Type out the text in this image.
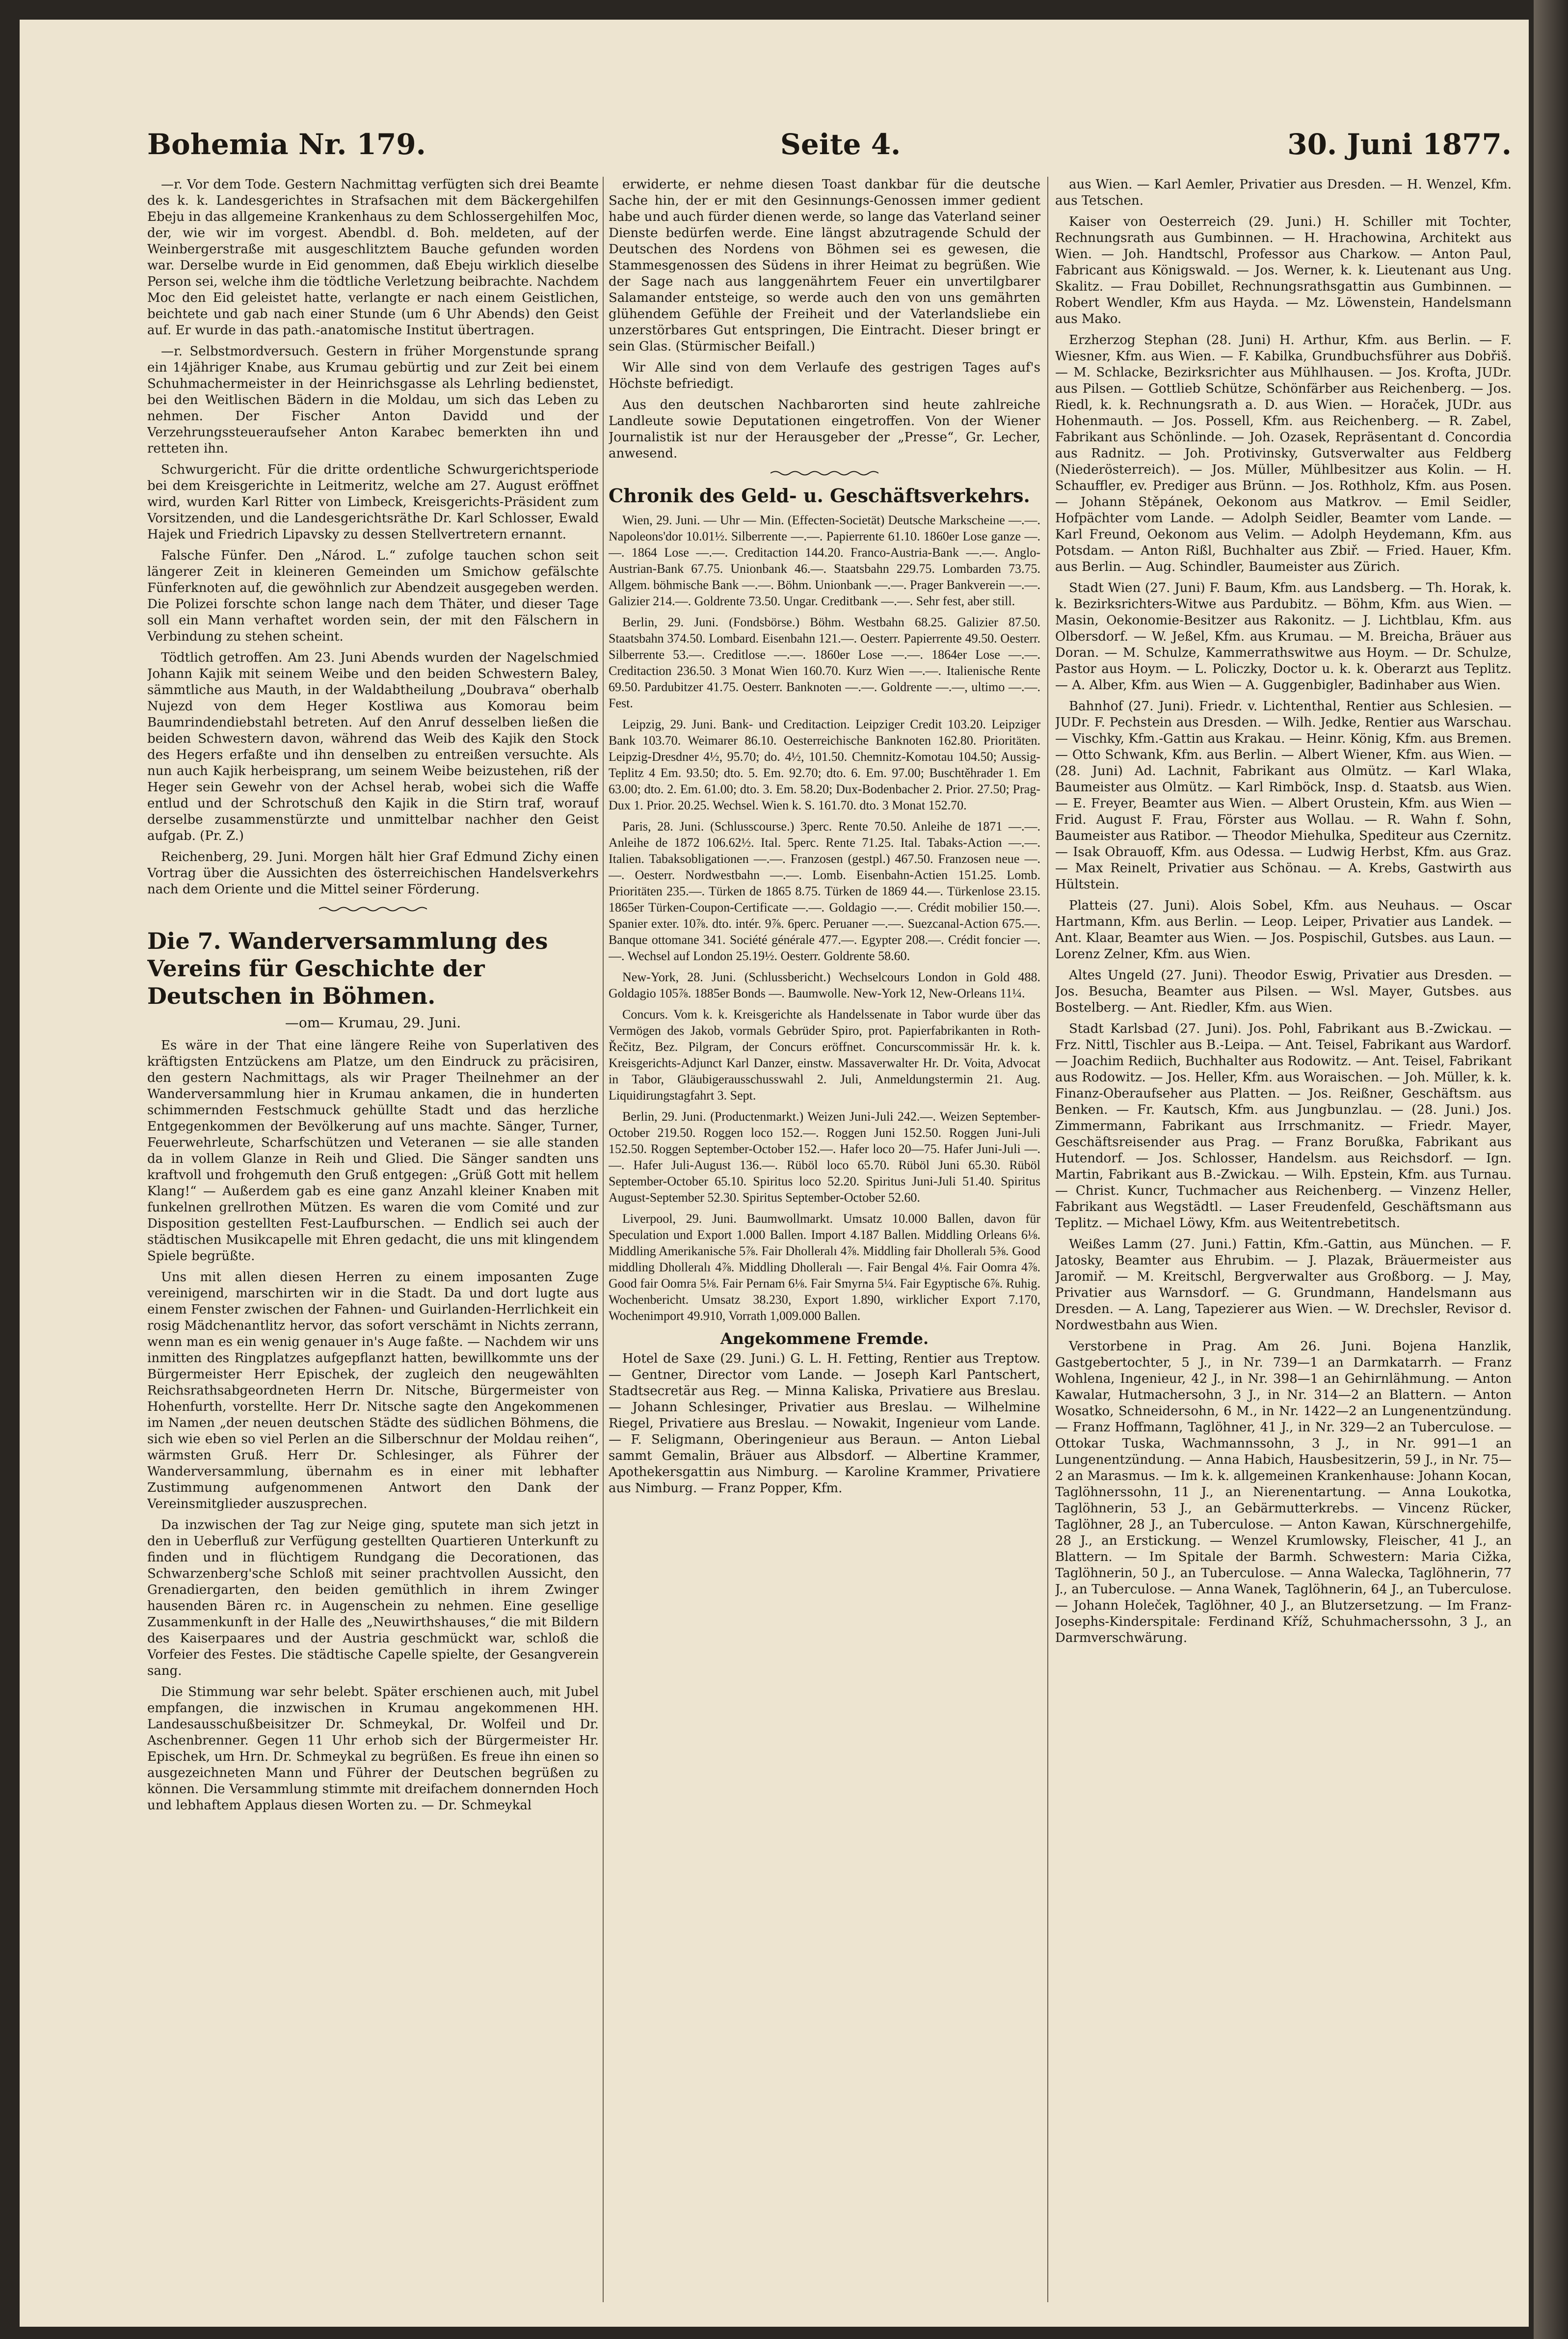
Bohemia Nr. 179.	Seite 4.	30. Juni 1877.

—r. Vor dem Tode. Gestern Nachmittag verfügten sich drei Beamte des k. k. Landesgerichtes in Strafsachen mit dem Bäckergehilfen Ebeju in das allgemeine Krankenhaus zu dem Schlossergehilfen Moc, der, wie wir im vorgest. Abendbl. d. Boh. meldeten, auf der Weinbergerstraße mit ausgeschlitztem Bauche gefunden worden war. Derselbe wurde in Eid genommen, daß Ebeju wirklich dieselbe Person sei, welche ihm die tödtliche Verletzung beibrachte. Nachdem Moc den Eid geleistet hatte, verlangte er nach einem Geistlichen, beichtete und gab nach einer Stunde (um 6 Uhr Abends) den Geist auf. Er wurde in das path.-anatomische Institut übertragen.

—r. Selbstmordversuch. Gestern in früher Morgenstunde sprang ein 14jähriger Knabe, aus Krumau gebürtig und zur Zeit bei einem Schuhmachermeister in der Heinrichsgasse als Lehrling bedienstet, bei den Weitlischen Bädern in die Moldau, um sich das Leben zu nehmen. Der Fischer Anton Davidd und der Verzehrungssteueraufseher Anton Karabec bemerkten ihn und retteten ihn.

Schwurgericht. Für die dritte ordentliche Schwurgerichtsperiode bei dem Kreisgerichte in Leitmeritz, welche am 27. August eröffnet wird, wurden Karl Ritter von Limbeck, Kreisgerichts-Präsident zum Vorsitzenden, und die Landesgerichtsräthe Dr. Karl Schlosser, Ewald Hajek und Friedrich Lipavsky zu dessen Stellvertretern ernannt.

Falsche Fünfer. Den „Národ. L.“ zufolge tauchen schon seit längerer Zeit in kleineren Gemeinden um Smichow gefälschte Fünferknoten auf, die gewöhnlich zur Abendzeit ausgegeben werden. Die Polizei forschte schon lange nach dem Thäter, und dieser Tage soll ein Mann verhaftet worden sein, der mit den Fälschern in Verbindung zu stehen scheint.

Tödtlich getroffen. Am 23. Juni Abends wurden der Nagelschmied Johann Kajik mit seinem Weibe und den beiden Schwestern Baley, sämmtliche aus Mauth, in der Waldabtheilung „Doubrava“ oberhalb Nujezd von dem Heger Kostliwa aus Komorau beim Baumrindendiebstahl betreten. Auf den Anruf desselben ließen die beiden Schwestern davon, während das Weib des Kajik den Stock des Hegers erfaßte und ihn denselben zu entreißen versuchte. Als nun auch Kajik herbeisprang, um seinem Weibe beizustehen, riß der Heger sein Gewehr von der Achsel herab, wobei sich die Waffe entlud und der Schrotschuß den Kajik in die Stirn traf, worauf derselbe zusammenstürzte und unmittelbar nachher den Geist aufgab. (Pr. Z.)

Reichenberg, 29. Juni. Morgen hält hier Graf Edmund Zichy einen Vortrag über die Aussichten des österreichischen Handelsverkehrs nach dem Oriente und die Mittel seiner Förderung.

Die 7. Wanderversammlung des Vereins für Geschichte der Deutschen in Böhmen.

—om— Krumau, 29. Juni.

Es wäre in der That eine längere Reihe von Superlativen des kräftigsten Entzückens am Platze, um den Eindruck zu präcisiren, den gestern Nachmittags, als wir Prager Theilnehmer an der Wanderversammlung hier in Krumau ankamen, die in hunderten schimmernden Festschmuck gehüllte Stadt und das herzliche Entgegenkommen der Bevölkerung auf uns machte. Sänger, Turner, Feuerwehrleute, Scharfschützen und Veteranen — sie alle standen da in vollem Glanze in Reih und Glied. Die Sänger sandten uns kraftvoll und frohgemuth den Gruß entgegen: „Grüß Gott mit hellem Klang!“ — Außerdem gab es eine ganz Anzahl kleiner Knaben mit funkelnen grellrothen Mützen. Es waren die vom Comité und zur Disposition gestellten Fest-Laufburschen. — Endlich sei auch der städtischen Musikcapelle mit Ehren gedacht, die uns mit klingendem Spiele begrüßte.

Uns mit allen diesen Herren zu einem imposanten Zuge vereinigend, marschirten wir in die Stadt. Da und dort lugte aus einem Fenster zwischen der Fahnen- und Guirlanden-Herrlichkeit ein rosig Mädchenantlitz hervor, das sofort verschämt in Nichts zerrann, wenn man es ein wenig genauer in's Auge faßte. — Nachdem wir uns inmitten des Ringplatzes aufgepflanzt hatten, bewillkommte uns der Bürgermeister Herr Epischek, der zugleich den neugewählten Reichsrathsabgeordneten Herrn Dr. Nitsche, Bürgermeister von Hohenfurth, vorstellte. Herr Dr. Nitsche sagte den Angekommenen im Namen „der neuen deutschen Städte des südlichen Böhmens, die sich wie eben so viel Perlen an die Silberschnur der Moldau reihen“, wärmsten Gruß. Herr Dr. Schlesinger, als Führer der Wanderversammlung, übernahm es in einer mit lebhafter Zustimmung aufgenommenen Antwort den Dank der Vereinsmitglieder auszusprechen.

Da inzwischen der Tag zur Neige ging, sputete man sich jetzt in den in Ueberfluß zur Verfügung gestellten Quartieren Unterkunft zu finden und in flüchtigem Rundgang die Decorationen, das Schwarzenberg'sche Schloß mit seiner prachtvollen Aussicht, den Grenadiergarten, den beiden gemüthlich in ihrem Zwinger hausenden Bären rc. in Augenschein zu nehmen. Eine gesellige Zusammenkunft in der Halle des „Neuwirthshauses,“ die mit Bildern des Kaiserpaares und der Austria geschmückt war, schloß die Vorfeier des Festes. Die städtische Capelle spielte, der Gesangverein sang.

Die Stimmung war sehr belebt. Später erschienen auch, mit Jubel empfangen, die inzwischen in Krumau angekommenen HH. Landesausschußbeisitzer Dr. Schmeykal, Dr. Wolfeil und Dr. Aschenbrenner. Gegen 11 Uhr erhob sich der Bürgermeister Hr. Epischek, um Hrn. Dr. Schmeykal zu begrüßen. Es freue ihn einen so ausgezeichneten Mann und Führer der Deutschen begrüßen zu können. Die Versammlung stimmte mit dreifachem donnernden Hoch und lebhaftem Applaus diesen Worten zu. — Dr. Schmeykal

erwiderte, er nehme diesen Toast dankbar für die deutsche Sache hin, der er mit den Gesinnungs-Genossen immer gedient habe und auch fürder dienen werde, so lange das Vaterland seiner Dienste bedürfen werde. Eine längst abzutragende Schuld der Deutschen des Nordens von Böhmen sei es gewesen, die Stammesgenossen des Südens in ihrer Heimat zu begrüßen. Wie der Sage nach aus langgenährtem Feuer ein unvertilgbarer Salamander entsteige, so werde auch den von uns gemährten glühendem Gefühle der Freiheit und der Vaterlandsliebe ein unzerstörbares Gut entspringen, Die Eintracht. Dieser bringt er sein Glas. (Stürmischer Beifall.)

Wir Alle sind von dem Verlaufe des gestrigen Tages auf's Höchste befriedigt.

Aus den deutschen Nachbarorten sind heute zahlreiche Landleute sowie Deputationen eingetroffen. Von der Wiener Journalistik ist nur der Herausgeber der „Presse“, Gr. Lecher, anwesend.

Chronik des Geld- u. Geschäftsverkehrs.

Wien, 29. Juni. — Uhr — Min. (Effecten-Societät) Deutsche Markscheine —.—. Napoleons'dor 10.01½. Silberrente —.—. Papierrente 61.10. 1860er Lose ganze —.—. 1864 Lose —.—. Creditaction 144.20. Franco-Austria-Bank —.—. Anglo-Austrian-Bank 67.75. Unionbank 46.—. Staatsbahn 229.75. Lombarden 73.75. Allgem. böhmische Bank —.—. Böhm. Unionbank —.—. Prager Bankverein —.—. Galizier 214.—. Goldrente 73.50. Ungar. Creditbank —.—. Sehr fest, aber still.

Berlin, 29. Juni. (Fondsbörse.) Böhm. Westbahn 68.25. Galizier 87.50. Staatsbahn 374.50. Lombard. Eisenbahn 121.—. Oesterr. Papierrente 49.50. Oesterr. Silberrente 53.—. Creditlose —.—. 1860er Lose —.—. 1864er Lose —.—. Creditaction 236.50. 3 Monat Wien 160.70. Kurz Wien —.—. Italienische Rente 69.50. Pardubitzer 41.75. Oesterr. Banknoten —.—. Goldrente —.—, ultimo —.—. Fest.

Leipzig, 29. Juni. Bank- und Creditaction. Leipziger Credit 103.20. Leipziger Bank 103.70. Weimarer 86.10. Oesterreichische Banknoten 162.80. Prioritäten. Leipzig-Dresdner 4½, 95.70; do. 4½, 101.50. Chemnitz-Komotau 104.50; Aussig-Teplitz 4 Em. 93.50; dto. 5. Em. 92.70; dto. 6. Em. 97.00; Buschtěhrader 1. Em 63.00; dto. 2. Em. 61.00; dto. 3. Em. 58.20; Dux-Bodenbacher 2. Prior. 27.50; Prag-Dux 1. Prior. 20.25. Wechsel. Wien k. S. 161.70. dto. 3 Monat 152.70.

Paris, 28. Juni. (Schlusscourse.) 3perc. Rente 70.50. Anleihe de 1871 —.—. Anleihe de 1872 106.62½. Ital. 5perc. Rente 71.25. Ital. Tabaks-Action —.—. Italien. Tabaksobligationen —.—. Franzosen (gestpl.) 467.50. Franzosen neue —.—. Oesterr. Nordwestbahn —.—. Lomb. Eisenbahn-Actien 151.25. Lomb. Prioritäten 235.—. Türken de 1865 8.75. Türken de 1869 44.—. Türkenlose 23.15. 1865er Türken-Coupon-Certificate —.—. Goldagio —.—. Crédit mobilier 150.—. Spanier exter. 10⅞. dto. intér. 9⅞. 6perc. Peruaner —.—. Suezcanal-Action 675.—. Banque ottomane 341. Société générale 477.—. Egypter 208.—. Crédit foncier —.—. Wechsel auf London 25.19½. Oesterr. Goldrente 58.60.

New-York, 28. Juni. (Schlussbericht.) Wechselcours London in Gold 488. Goldagio 105⅞. 1885er Bonds —. Baumwolle. New-York 12, New-Orleans 11¼.

Concurs. Vom k. k. Kreisgerichte als Handelssenate in Tabor wurde über das Vermögen des Jakob, vormals Gebrüder Spiro, prot. Papierfabrikanten in Roth-Řečitz, Bez. Pilgram, der Concurs eröffnet. Concurscommissär Hr. k. k. Kreisgerichts-Adjunct Karl Danzer, einstw. Massaverwalter Hr. Dr. Voita, Advocat in Tabor, Gläubigerausschusswahl 2. Juli, Anmeldungstermin 21. Aug. Liquidirungstagfahrt 3. Sept.

Berlin, 29. Juni. (Productenmarkt.) Weizen Juni-Juli 242.—. Weizen September-October 219.50. Roggen loco 152.—. Roggen Juni 152.50. Roggen Juni-Juli 152.50. Roggen September-October 152.—. Hafer loco 20—75. Hafer Juni-Juli —.—. Hafer Juli-August 136.—. Rüböl loco 65.70. Rüböl Juni 65.30. Rüböl September-October 65.10. Spiritus loco 52.20. Spiritus Juni-Juli 51.40. Spiritus August-September 52.30. Spiritus September-October 52.60.

Liverpool, 29. Juni. Baumwollmarkt. Umsatz 10.000 Ballen, davon für Speculation und Export 1.000 Ballen. Import 4.187 Ballen. Middling Orleans 6⅛. Middling Amerikanische 5⅞. Fair Dholleralı 4⅞. Middling fair Dholleralı 5⅜. Good middling Dholleralı 4⅞. Middling Dholleralı —. Fair Bengal 4⅛. Fair Oomra 4⅞. Good fair Oomra 5⅛. Fair Pernam 6⅛. Fair Smyrna 5¼. Fair Egyptische 6⅞. Ruhig. Wochenbericht. Umsatz 38.230, Export 1.890, wirklicher Export 7.170, Wochenimport 49.910, Vorrath 1,009.000 Ballen.

Angekommene Fremde.

Hotel de Saxe (29. Juni.) G. L. H. Fetting, Rentier aus Treptow. — Gentner, Director vom Lande. — Joseph Karl Pantschert, Stadtsecretär aus Reg. — Minna Kaliska, Privatiere aus Breslau. — Johann Schlesinger, Privatier aus Breslau. — Wilhelmine Riegel, Privatiere aus Breslau. — Nowakit, Ingenieur vom Lande. — F. Seligmann, Oberingenieur aus Beraun. — Anton Liebal sammt Gemalin, Bräuer aus Albsdorf. — Albertine Krammer, Apothekersgattin aus Nimburg. — Karoline Krammer, Privatiere aus Nimburg. — Franz Popper, Kfm.

aus Wien. — Karl Aemler, Privatier aus Dresden. — H. Wenzel, Kfm. aus Tetschen.

Kaiser von Oesterreich (29. Juni.) H. Schiller mit Tochter, Rechnungsrath aus Gumbinnen. — H. Hrachowina, Architekt aus Wien. — Joh. Handtschl, Professor aus Charkow. — Anton Paul, Fabricant aus Königswald. — Jos. Werner, k. k. Lieutenant aus Ung. Skalitz. — Frau Dobillet, Rechnungsrathsgattin aus Gumbinnen. — Robert Wendler, Kfm aus Hayda. — Mz. Löwenstein, Handelsmann aus Mako.

Erzherzog Stephan (28. Juni) H. Arthur, Kfm. aus Berlin. — F. Wiesner, Kfm. aus Wien. — F. Kabilka, Grundbuchsführer aus Dobřiš. — M. Schlacke, Bezirksrichter aus Mühlhausen. — Jos. Krofta, JUDr. aus Pilsen. — Gottlieb Schütze, Schönfärber aus Reichenberg. — Jos. Riedl, k. k. Rechnungsrath a. D. aus Wien. — Horaček, JUDr. aus Hohenmauth. — Jos. Possell, Kfm. aus Reichenberg. — R. Zabel, Fabrikant aus Schönlinde. — Joh. Ozasek, Repräsentant d. Concordia aus Radnitz. — Joh. Protivinsky, Gutsverwalter aus Feldberg (Niederösterreich). — Jos. Müller, Mühlbesitzer aus Kolin. — H. Schauffler, ev. Prediger aus Brünn. — Jos. Rothholz, Kfm. aus Posen. — Johann Stěpánek, Oekonom aus Matkrov. — Emil Seidler, Hofpächter vom Lande. — Adolph Seidler, Beamter vom Lande. — Karl Freund, Oekonom aus Velim. — Adolph Heydemann, Kfm. aus Potsdam. — Anton Rißl, Buchhalter aus Zbiř. — Fried. Hauer, Kfm. aus Berlin. — Aug. Schindler, Baumeister aus Zürich.

Stadt Wien (27. Juni) F. Baum, Kfm. aus Landsberg. — Th. Horak, k. k. Bezirksrichters-Witwe aus Pardubitz. — Böhm, Kfm. aus Wien. — Masin, Oekonomie-Besitzer aus Rakonitz. — J. Lichtblau, Kfm. aus Olbersdorf. — W. Jeßel, Kfm. aus Krumau. — M. Breicha, Bräuer aus Doran. — M. Schulze, Kammerrathswitwe aus Hoym. — Dr. Schulze, Pastor aus Hoym. — L. Policzky, Doctor u. k. k. Oberarzt aus Teplitz. — A. Alber, Kfm. aus Wien — A. Guggenbigler, Badinhaber aus Wien.

Bahnhof (27. Juni). Friedr. v. Lichtenthal, Rentier aus Schlesien. — JUDr. F. Pechstein aus Dresden. — Wilh. Jedke, Rentier aus Warschau. — Vischky, Kfm.-Gattin aus Krakau. — Heinr. König, Kfm. aus Bremen. — Otto Schwank, Kfm. aus Berlin. — Albert Wiener, Kfm. aus Wien. — (28. Juni) Ad. Lachnit, Fabrikant aus Olmütz. — Karl Wlaka, Baumeister aus Olmütz. — Karl Rimböck, Insp. d. Staatsb. aus Wien. — E. Freyer, Beamter aus Wien. — Albert Orustein, Kfm. aus Wien — Frid. August F. Frau, Förster aus Wollau. — R. Wahn f. Sohn, Baumeister aus Ratibor. — Theodor Miehulka, Spediteur aus Czernitz. — Isak Obrauoff, Kfm. aus Odessa. — Ludwig Herbst, Kfm. aus Graz. — Max Reinelt, Privatier aus Schönau. — A. Krebs, Gastwirth aus Hültstein.

Platteis (27. Juni). Alois Sobel, Kfm. aus Neuhaus. — Oscar Hartmann, Kfm. aus Berlin. — Leop. Leiper, Privatier aus Landek. — Ant. Klaar, Beamter aus Wien. — Jos. Pospischil, Gutsbes. aus Laun. — Lorenz Zelner, Kfm. aus Wien.

Altes Ungeld (27. Juni). Theodor Eswig, Privatier aus Dresden. — Jos. Besucha, Beamter aus Pilsen. — Wsl. Mayer, Gutsbes. aus Bostelberg. — Ant. Riedler, Kfm. aus Wien.

Stadt Karlsbad (27. Juni). Jos. Pohl, Fabrikant aus B.-Zwickau. — Frz. Nittl, Tischler aus B.-Leipa. — Ant. Teisel, Fabrikant aus Wardorf. — Joachim Rediich, Buchhalter aus Rodowitz. — Ant. Teisel, Fabrikant aus Rodowitz. — Jos. Heller, Kfm. aus Woraischen. — Joh. Müller, k. k. Finanz-Oberaufseher aus Platten. — Jos. Reißner, Geschäftsm. aus Benken. — Fr. Kautsch, Kfm. aus Jungbunzlau. — (28. Juni.) Jos. Zimmermann, Fabrikant aus Irrschmanitz. — Friedr. Mayer, Geschäftsreisender aus Prag. — Franz Borußka, Fabrikant aus Hutendorf. — Jos. Schlosser, Handelsm. aus Reichsdorf. — Ign. Martin, Fabrikant aus B.-Zwickau. — Wilh. Epstein, Kfm. aus Turnau. — Christ. Kuncr, Tuchmacher aus Reichenberg. — Vinzenz Heller, Fabrikant aus Wegstädtl. — Laser Freudenfeld, Geschäftsmann aus Teplitz. — Michael Löwy, Kfm. aus Weitentrebetitsch.

Weißes Lamm (27. Juni.) Fattin, Kfm.-Gattin, aus München. — F. Jatosky, Beamter aus Ehrubim. — J. Plazak, Bräuermeister aus Jaromiř. — M. Kreitschl, Bergverwalter aus Großborg. — J. May, Privatier aus Warnsdorf. — G. Grundmann, Handelsmann aus Dresden. — A. Lang, Tapezierer aus Wien. — W. Drechsler, Revisor d. Nordwestbahn aus Wien.

Verstorbene in Prag. Am 26. Juni. Bojena Hanzlik, Gastgebertochter, 5 J., in Nr. 739—1 an Darmkatarrh. — Franz Wohlena, Ingenieur, 42 J., in Nr. 398—1 an Gehirnlähmung. — Anton Kawalar, Hutmachersohn, 3 J., in Nr. 314—2 an Blattern. — Anton Wosatko, Schneidersohn, 6 M., in Nr. 1422—2 an Lungenentzündung. — Franz Hoffmann, Taglöhner, 41 J., in Nr. 329—2 an Tuberculose. — Ottokar Tuska, Wachmannssohn, 3 J., in Nr. 991—1 an Lungenentzündung. — Anna Habich, Hausbesitzerin, 59 J., in Nr. 75—2 an Marasmus. — Im k. k. allgemeinen Krankenhause: Johann Kocan, Taglöhnerssohn, 11 J., an Nierenentartung. — Anna Loukotka, Taglöhnerin, 53 J., an Gebärmutterkrebs. — Vincenz Rücker, Taglöhner, 28 J., an Tuberculose. — Anton Kawan, Kürschnergehilfe, 28 J., an Erstickung. — Wenzel Krumlowsky, Fleischer, 41 J., an Blattern. — Im Spitale der Barmh. Schwestern: Maria Cižka, Taglöhnerin, 50 J., an Tuberculose. — Anna Walecka, Taglöhnerin, 77 J., an Tuberculose. — Anna Wanek, Taglöhnerin, 64 J., an Tuberculose. — Johann Holeček, Taglöhner, 40 J., an Blutzersetzung. — Im Franz-Josephs-Kinderspitale: Ferdinand Kříž, Schuhmacherssohn, 3 J., an Darmverschwärung.
